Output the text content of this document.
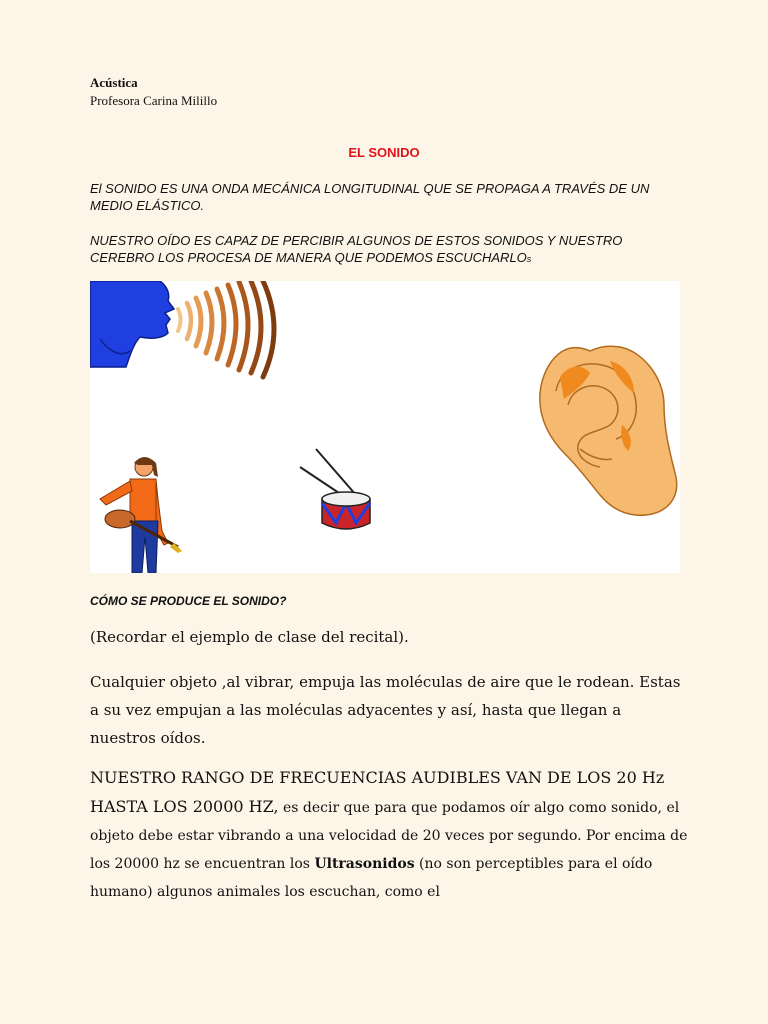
Acústica
Profesora Carina Milillo
EL SONIDO
El SONIDO ES UNA ONDA MECÁNICA LONGITUDINAL QUE SE PROPAGA A TRAVÉS DE UN MEDIO ELÁSTICO.
NUESTRO OÍDO ES CAPAZ DE PERCIBIR ALGUNOS DE ESTOS SONIDOS Y NUESTRO CEREBRO LOS PROCESA DE MANERA QUE PODEMOS ESCUCHARLOs
CÓMO SE PRODUCE EL SONIDO?
(Recordar el ejemplo de clase del recital).
Cualquier objeto ,al vibrar, empuja las moléculas de aire que le rodean. Estas a su vez empujan a las moléculas adyacentes y así, hasta que llegan a nuestros oídos.
NUESTRO RANGO DE FRECUENCIAS AUDIBLES VAN DE LOS 20 Hz HASTA LOS 20000 HZ, es decir que para que podamos oír algo como sonido, el objeto debe estar vibrando a una velocidad de 20 veces por segundo. Por encima de los 20000 hz se encuentran los Ultrasonidos (no son perceptibles para el oído humano) algunos animales los escuchan, como el
